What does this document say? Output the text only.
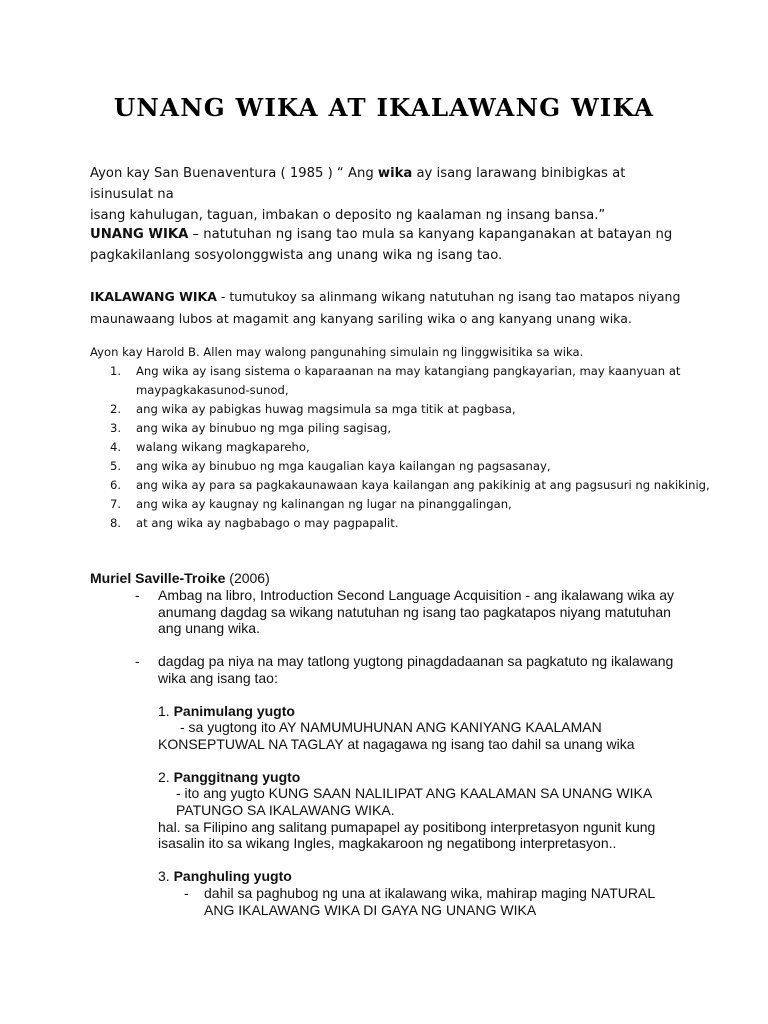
UNANG WIKA AT IKALAWANG WIKA
Ayon kay San Buenaventura ( 1985 ) “ Ang wika ay isang larawang binibigkas at isinusulat na
isang kahulugan, taguan, imbakan o deposito ng kaalaman ng insang bansa.”
UNANG WIKA – natutuhan ng isang tao mula sa kanyang kapanganakan at batayan ng
pagkakilanlang sosyolonggwista ang unang wika ng isang tao.
IKALAWANG WIKA - tumutukoy sa alinmang wikang natutuhan ng isang tao matapos niyang
maunawaang lubos at magamit ang kanyang sariling wika o ang kanyang unang wika.
Ayon kay Harold B. Allen may walong pangunahing simulain ng linggwisitika sa wika.
1. Ang wika ay isang sistema o kaparaanan na may katangiang pangkayarian, may kaanyuan at
maypagkakasunod-sunod,
2. ang wika ay pabigkas huwag magsimula sa mga titik at pagbasa,
3. ang wika ay binubuo ng mga piling sagisag,
4. walang wikang magkapareho,
5. ang wika ay binubuo ng mga kaugalian kaya kailangan ng pagsasanay,
6. ang wika ay para sa pagkakaunawaan kaya kailangan ang pakikinig at ang pagsusuri ng nakikinig,
7. ang wika ay kaugnay ng kalinangan ng lugar na pinanggalingan,
8. at ang wika ay nagbabago o may pagpapalit.
Muriel Saville-Troike (2006)
- Ambag na libro, Introduction Second Language Acquisition - ang ikalawang wika ay
anumang dagdag sa wikang natutuhan ng isang tao pagkatapos niyang matutuhan
ang unang wika.
- dagdag pa niya na may tatlong yugtong pinagdadaanan sa pagkatuto ng ikalawang
wika ang isang tao:
1. Panimulang yugto
- sa yugtong ito AY NAMUMUHUNAN ANG KANIYANG KAALAMAN
KONSEPTUWAL NA TAGLAY at nagagawa ng isang tao dahil sa unang wika
2. Panggitnang yugto
- ito ang yugto KUNG SAAN NALILIPAT ANG KAALAMAN SA UNANG WIKA
PATUNGO SA IKALAWANG WIKA.
hal. sa Filipino ang salitang pumapapel ay positibong interpretasyon ngunit kung
isasalin ito sa wikang Ingles, magkakaroon ng negatibong interpretasyon..
3. Panghuling yugto
- dahil sa paghubog ng una at ikalawang wika, mahirap maging NATURAL
ANG IKALAWANG WIKA DI GAYA NG UNANG WIKA
